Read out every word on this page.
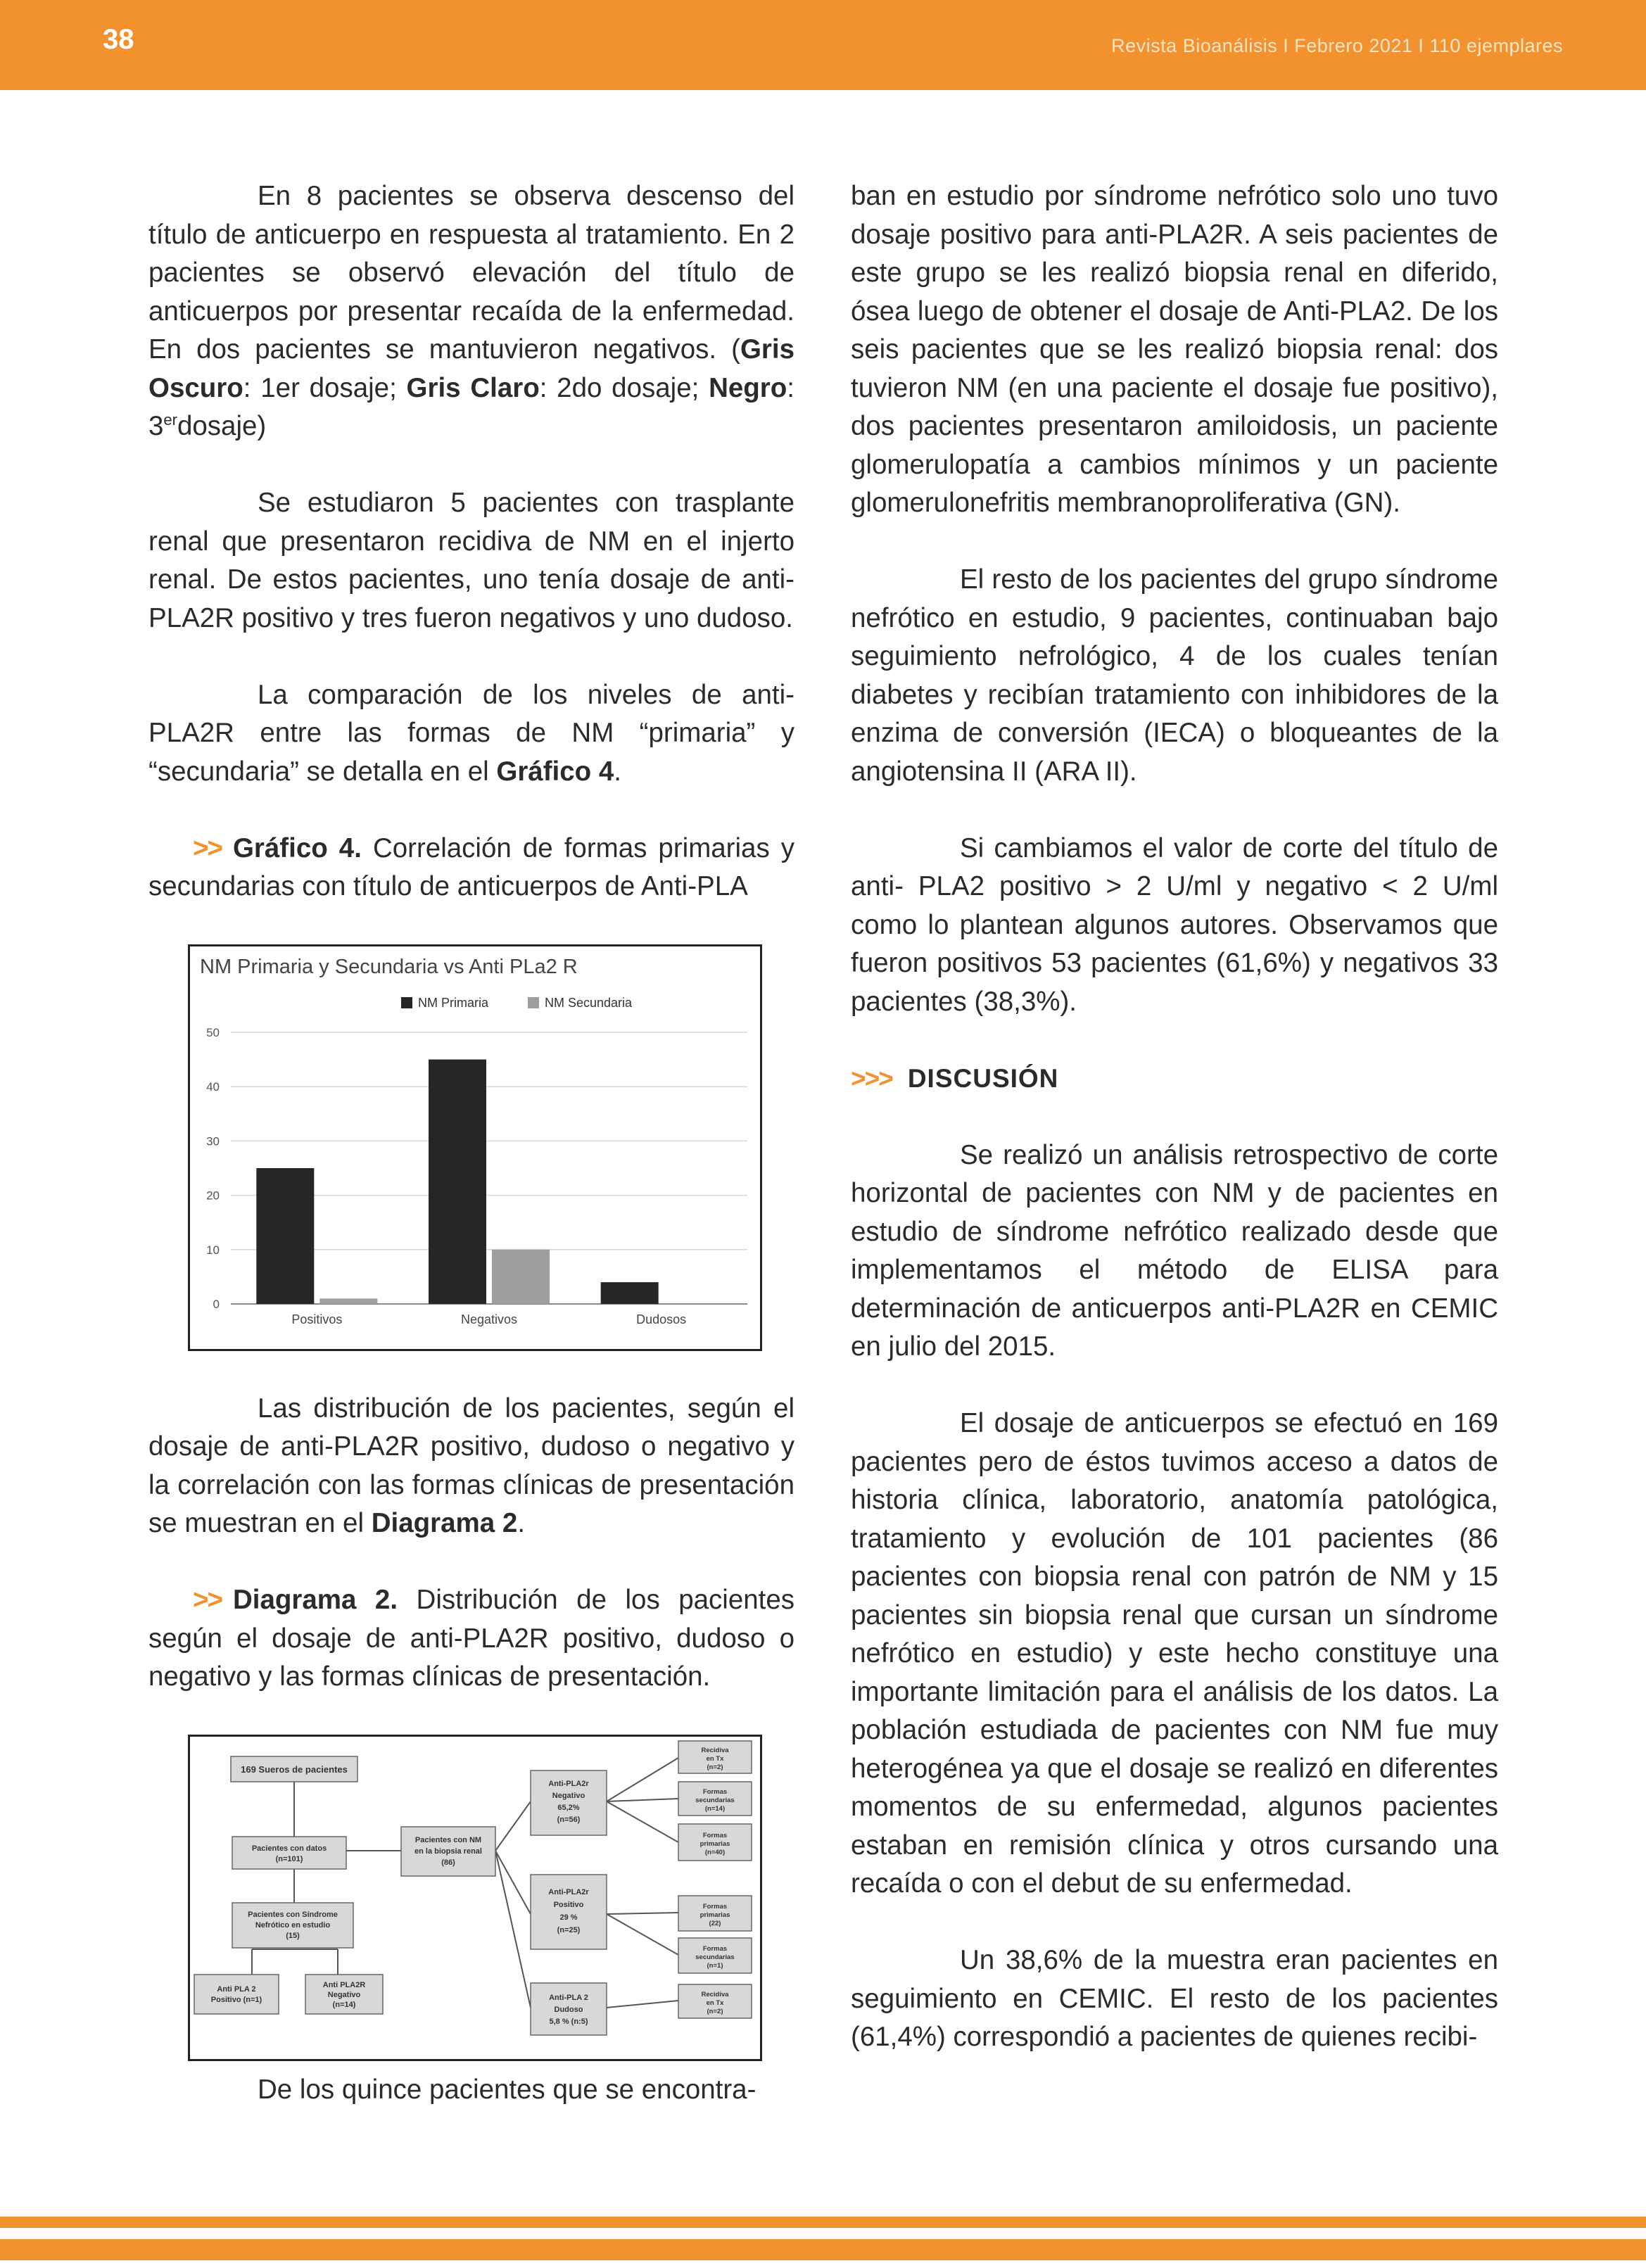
38	Revista Bioanálisis I Febrero 2021 I 110 ejemplares

En 8 pacientes se observa descenso del título de anticuerpo en respuesta al tratamiento. En 2 pacientes se observó elevación del título de anticuerpos por presentar recaída de la enfermedad. En dos pacientes se mantuvieron negativos. (Gris Oscuro: 1er dosaje; Gris Claro: 2do dosaje; Negro: 3erdosaje)

Se estudiaron 5 pacientes con trasplante renal que presentaron recidiva de NM en el injerto renal. De estos pacientes, uno tenía dosaje de anti-PLA2R positivo y tres fueron negativos y uno dudoso.

La comparación de los niveles de anti-PLA2R entre las formas de NM “primaria” y “secundaria” se detalla en el Gráfico 4.

>> Gráfico 4. Correlación de formas primarias y secundarias con título de anticuerpos de Anti-PLA

NM Primaria y Secundaria vs Anti PLa2 R
NM Primaria	NM Secundaria
0
10
20
30
40
50
Positivos	Negativos	Dudosos

Las distribución de los pacientes, según el dosaje de anti-PLA2R positivo, dudoso o negativo y la correlación con las formas clínicas de presentación se muestran en el Diagrama 2.

>> Diagrama 2. Distribución de los pacientes según el dosaje de anti-PLA2R positivo, dudoso o negativo y las formas clínicas de presentación.

169 Sueros de pacientes
Pacientes con datos (n=101)
Pacientes con Síndrome Nefrótico en estudio (15)
Anti PLA 2 Positivo (n=1)
Anti PLA2R Negativo (n=14)
Pacientes con NM en la biopsia renal (86)
Anti-PLA2r Negativo 65,2% (n=56)
Anti-PLA2r Positivo 29 % (n=25)
Anti-PLA 2 Dudoso 5,8 % (n:5)
Recidiva en Tx (n=2)
Formas secundarias (n=14)
Formas primarias (n=40)
Formas primarias (22)
Formas secundarias (n=1)
Recidiva en Tx (n=2)

De los quince pacientes que se encontra-

ban en estudio por síndrome nefrótico solo uno tuvo dosaje positivo para anti-PLA2R. A seis pacientes de este grupo se les realizó biopsia renal en diferido, ósea luego de obtener el dosaje de Anti-PLA2. De los seis pacientes que se les realizó biopsia renal: dos tuvieron NM (en una paciente el dosaje fue positivo), dos pacientes presentaron amiloidosis, un paciente glomerulopatía a cambios mínimos y un paciente glomerulonefritis membranoproliferativa (GN).

El resto de los pacientes del grupo síndrome nefrótico en estudio, 9 pacientes, continuaban bajo seguimiento nefrológico, 4 de los cuales tenían diabetes y recibían tratamiento con inhibidores de la enzima de conversión (IECA) o bloqueantes de la angiotensina II (ARA II).

Si cambiamos el valor de corte del título de anti- PLA2 positivo > 2 U/ml y negativo < 2 U/ml como lo plantean algunos autores. Observamos que fueron positivos 53 pacientes (61,6%) y negativos 33 pacientes (38,3%).

>>> DISCUSIÓN

Se realizó un análisis retrospectivo de corte horizontal de pacientes con NM y de pacientes en estudio de síndrome nefrótico realizado desde que implementamos el método de ELISA para determinación de anticuerpos anti-PLA2R en CEMIC en julio del 2015.

El dosaje de anticuerpos se efectuó en 169 pacientes pero de éstos tuvimos acceso a datos de historia clínica, laboratorio, anatomía patológica, tratamiento y evolución de 101 pacientes (86 pacientes con biopsia renal con patrón de NM y 15 pacientes sin biopsia renal que cursan un síndrome nefrótico en estudio) y este hecho constituye una importante limitación para el análisis de los datos. La población estudiada de pacientes con NM fue muy heterogénea ya que el dosaje se realizó en diferentes momentos de su enfermedad, algunos pacientes estaban en remisión clínica y otros cursando una recaída o con el debut de su enfermedad.

Un 38,6% de la muestra eran pacientes en seguimiento en CEMIC. El resto de los pacientes (61,4%) correspondió a pacientes de quienes recibi-
